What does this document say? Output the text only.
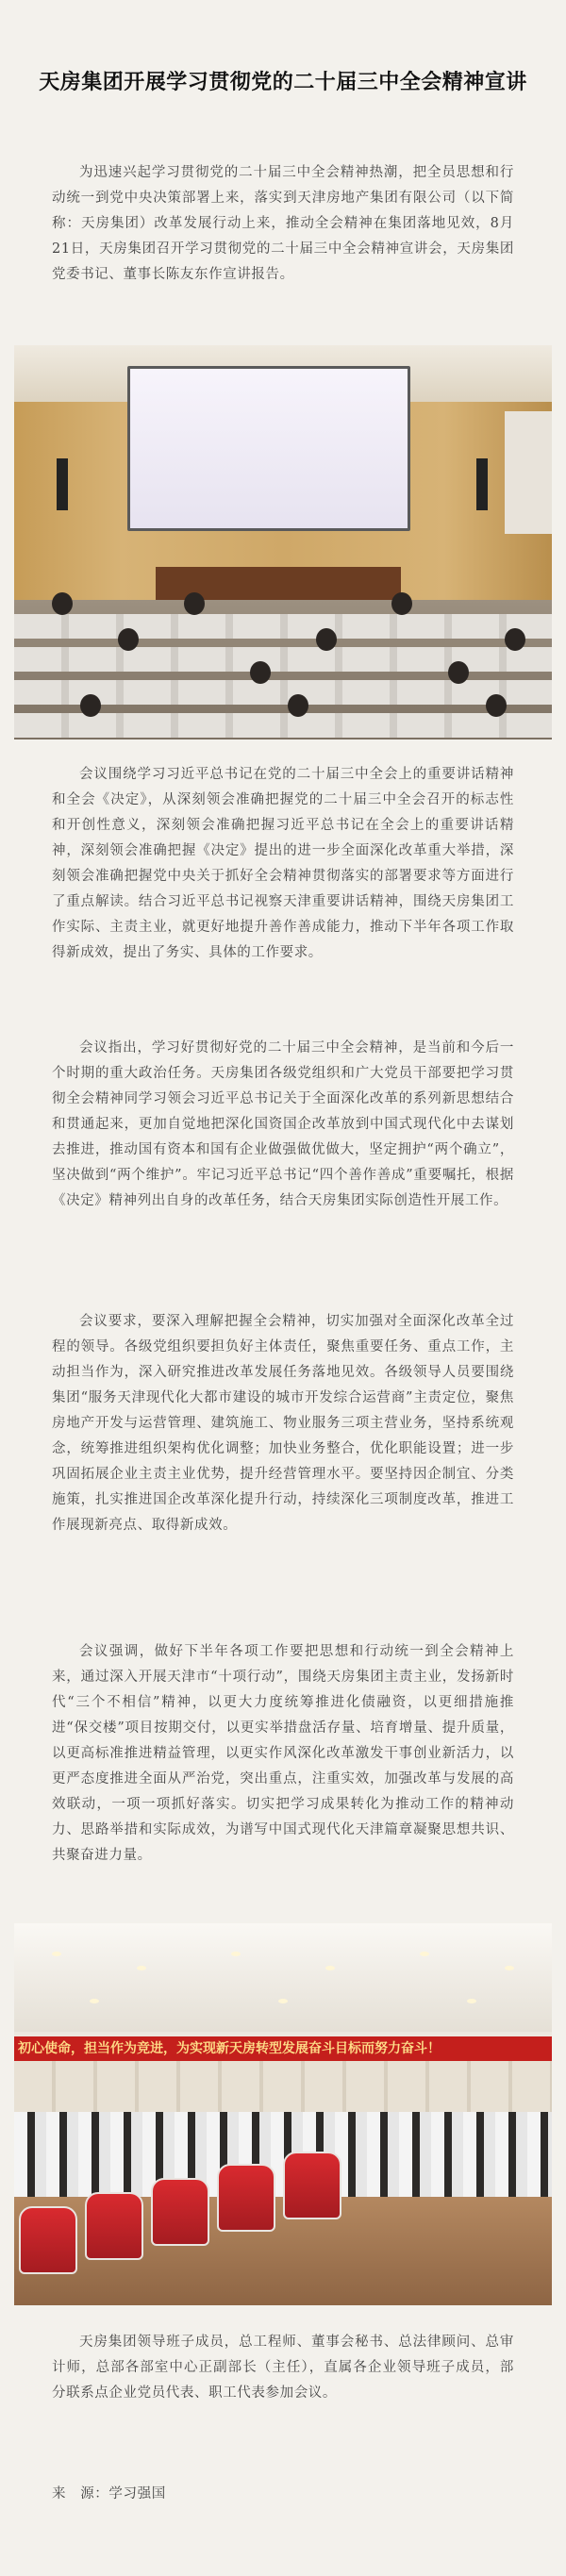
天房集团开展学习贯彻党的二十届三中全会精神宣讲

为迅速兴起学习贯彻党的二十届三中全会精神热潮，把全员思想和行动统一到党中央决策部署上来，落实到天津房地产集团有限公司（以下简称：天房集团）改革发展行动上来，推动全会精神在集团落地见效，8月21日，天房集团召开学习贯彻党的二十届三中全会精神宣讲会，天房集团党委书记、董事长陈友东作宣讲报告。

会议围绕学习习近平总书记在党的二十届三中全会上的重要讲话精神和全会《决定》，从深刻领会准确把握党的二十届三中全会召开的标志性和开创性意义，深刻领会准确把握习近平总书记在全会上的重要讲话精神，深刻领会准确把握《决定》提出的进一步全面深化改革重大举措，深刻领会准确把握党中央关于抓好全会精神贯彻落实的部署要求等方面进行了重点解读。结合习近平总书记视察天津重要讲话精神，围绕天房集团工作实际、主责主业，就更好地提升善作善成能力，推动下半年各项工作取得新成效，提出了务实、具体的工作要求。

会议指出，学习好贯彻好党的二十届三中全会精神，是当前和今后一个时期的重大政治任务。天房集团各级党组织和广大党员干部要把学习贯彻全会精神同学习领会习近平总书记关于全面深化改革的系列新思想结合和贯通起来，更加自觉地把深化国资国企改革放到中国式现代化中去谋划去推进，推动国有资本和国有企业做强做优做大，坚定拥护“两个确立”，坚决做到“两个维护”。牢记习近平总书记“四个善作善成”重要嘱托，根据《决定》精神列出自身的改革任务，结合天房集团实际创造性开展工作。

会议要求，要深入理解把握全会精神，切实加强对全面深化改革全过程的领导。各级党组织要担负好主体责任，聚焦重要任务、重点工作，主动担当作为，深入研究推进改革发展任务落地见效。各级领导人员要围绕集团“服务天津现代化大都市建设的城市开发综合运营商”主责定位，聚焦房地产开发与运营管理、建筑施工、物业服务三项主营业务，坚持系统观念，统筹推进组织架构优化调整；加快业务整合，优化职能设置；进一步巩固拓展企业主责主业优势，提升经营管理水平。要坚持因企制宜、分类施策，扎实推进国企改革深化提升行动，持续深化三项制度改革，推进工作展现新亮点、取得新成效。

会议强调，做好下半年各项工作要把思想和行动统一到全会精神上来，通过深入开展天津市“十项行动”，围绕天房集团主责主业，发扬新时代“三个不相信”精神，以更大力度统筹推进化债融资，以更细措施推进“保交楼”项目按期交付，以更实举措盘活存量、培育增量、提升质量，以更高标准推进精益管理，以更实作风深化改革激发干事创业新活力，以更严态度推进全面从严治党，突出重点，注重实效，加强改革与发展的高效联动，一项一项抓好落实。切实把学习成果转化为推动工作的精神动力、思路举措和实际成效，为谱写中国式现代化天津篇章凝聚思想共识、共聚奋进力量。

初心使命，担当作为竞进，为实现新天房转型发展奋斗目标而努力奋斗！

天房集团领导班子成员，总工程师、董事会秘书、总法律顾问、总审计师，总部各部室中心正副部长（主任），直属各企业领导班子成员，部分联系点企业党员代表、职工代表参加会议。

来　源：学习强国
